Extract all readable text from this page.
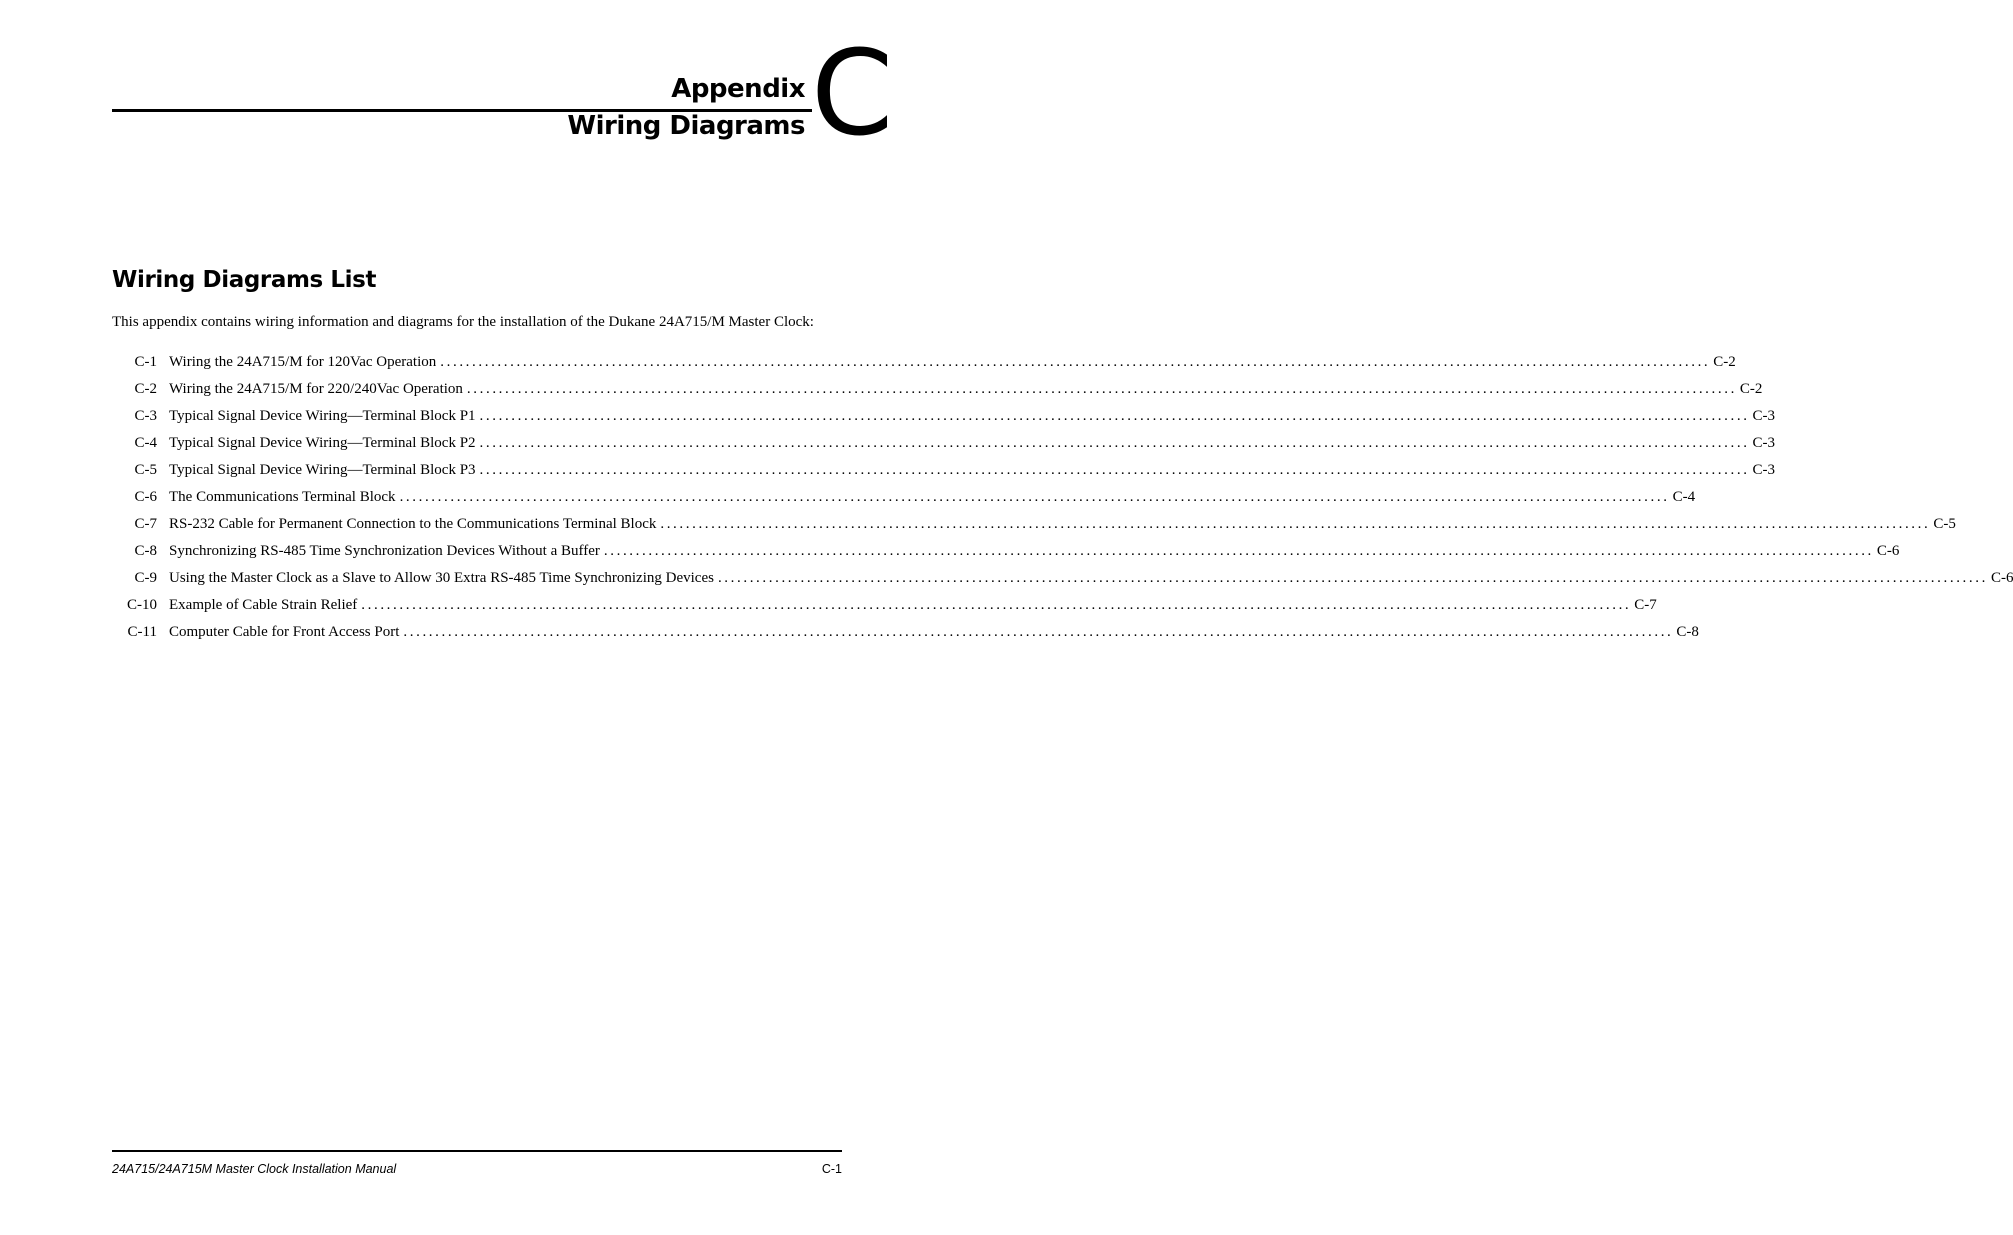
Appendix
Wiring Diagrams C
Wiring Diagrams List

This appendix contains wiring information and diagrams for the installation of the Dukane 24A715/M Master Clock:

C-1 Wiring the 24A715/M for 120Vac Operation ........................................................................................................................................................................................................ C-2
C-2 Wiring the 24A715/M for 220/240Vac Operation ........................................................................................................................................................................................................ C-2
C-3 Typical Signal Device Wiring—Terminal Block P1 ........................................................................................................................................................................................................ C-3
C-4 Typical Signal Device Wiring—Terminal Block P2 ........................................................................................................................................................................................................ C-3
C-5 Typical Signal Device Wiring—Terminal Block P3 ........................................................................................................................................................................................................ C-3
C-6 The Communications Terminal Block ........................................................................................................................................................................................................ C-4
C-7 RS-232 Cable for Permanent Connection to the Communications Terminal Block ........................................................................................................................................................................................................ C-5
C-8 Synchronizing RS-485 Time Synchronization Devices Without a Buffer ........................................................................................................................................................................................................ C-6
C-9 Using the Master Clock as a Slave to Allow 30 Extra RS-485 Time Synchronizing Devices ........................................................................................................................................................................................................ C-6
C-10 Example of Cable Strain Relief ........................................................................................................................................................................................................ C-7
C-11 Computer Cable for Front Access Port ........................................................................................................................................................................................................ C-8
24A715/24A715M Master Clock Installation Manual	C-1
